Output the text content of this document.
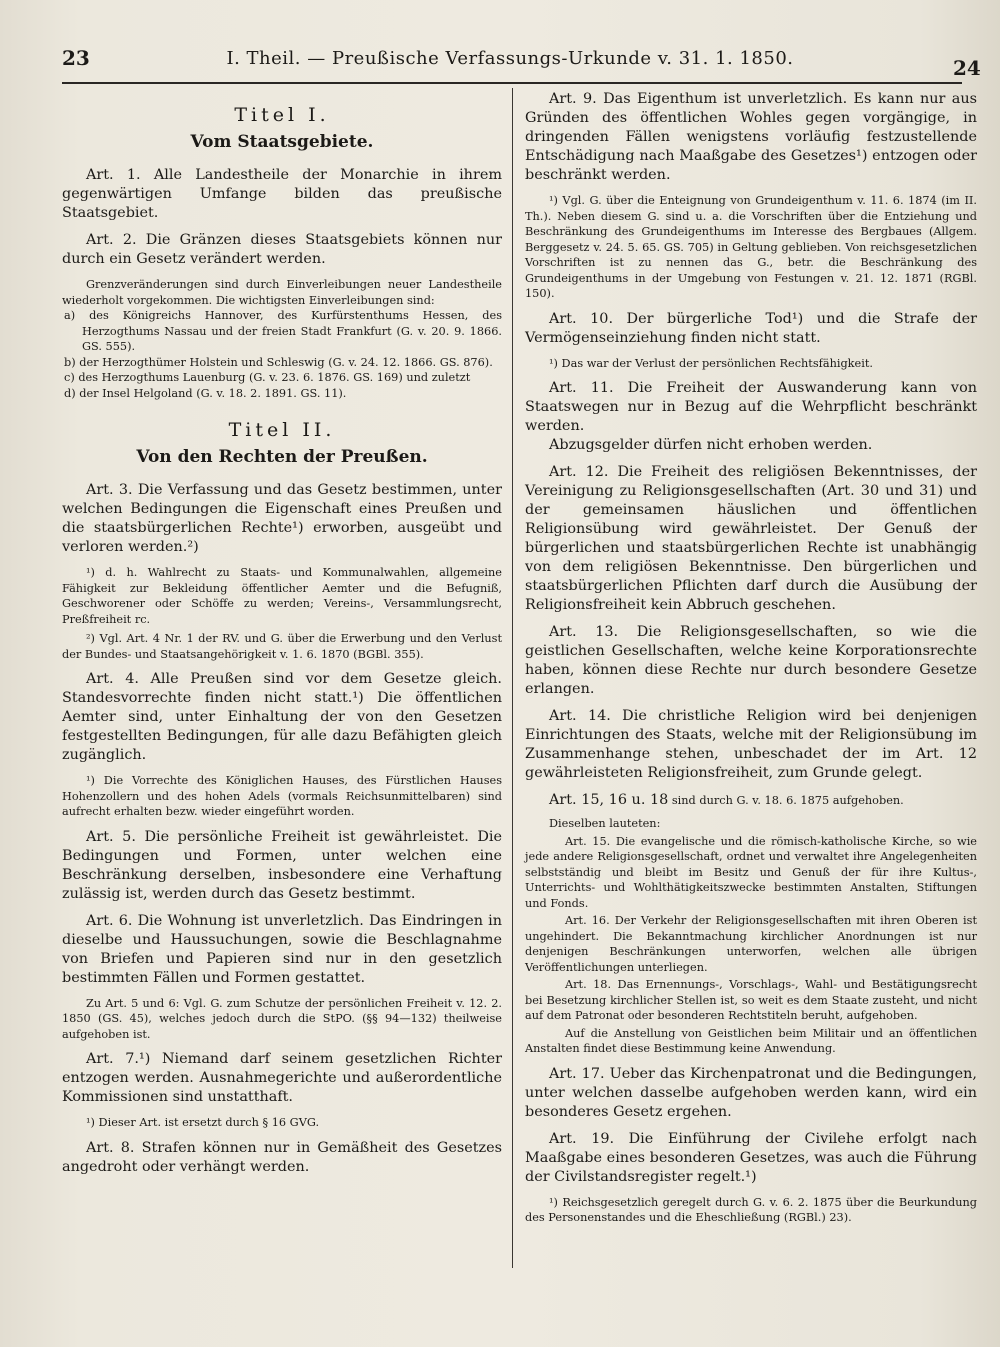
23	I. Theil. — Preußische Verfassungs-Urkunde v. 31. 1. 1850.	24
Titel I.
Vom Staatsgebiete.

Art. 1. Alle Landestheile der Monarchie in ihrem gegenwärtigen Umfange bilden das preußische Staatsgebiet.

Art. 2. Die Gränzen dieses Staatsgebiets können nur durch ein Gesetz verändert werden.

Grenzveränderungen sind durch Einverleibungen neuer Landestheile wiederholt vorgekommen. Die wichtigsten Einverleibungen sind:

a) des Königreichs Hannover, des Kurfürstenthums Hessen, des Herzogthums Nassau und der freien Stadt Frankfurt (G. v. 20. 9. 1866. GS. 555).

b) der Herzogthümer Holstein und Schleswig (G. v. 24. 12. 1866. GS. 876).

c) des Herzogthums Lauenburg (G. v. 23. 6. 1876. GS. 169) und zuletzt

d) der Insel Helgoland (G. v. 18. 2. 1891. GS. 11).

Titel II.
Von den Rechten der Preußen.

Art. 3. Die Verfassung und das Gesetz bestimmen, unter welchen Bedingungen die Eigenschaft eines Preußen und die staatsbürgerlichen Rechte¹) erworben, ausgeübt und verloren werden.²)

¹) d. h. Wahlrecht zu Staats- und Kommunalwahlen, allgemeine Fähigkeit zur Bekleidung öffentlicher Aemter und die Befugniß, Geschworener oder Schöffe zu werden; Vereins-, Versammlungsrecht, Preßfreiheit rc.

²) Vgl. Art. 4 Nr. 1 der RV. und G. über die Erwerbung und den Verlust der Bundes- und Staatsangehörigkeit v. 1. 6. 1870 (BGBl. 355).

Art. 4. Alle Preußen sind vor dem Gesetze gleich. Standesvorrechte finden nicht statt.¹) Die öffentlichen Aemter sind, unter Einhaltung der von den Gesetzen festgestellten Bedingungen, für alle dazu Befähigten gleich zugänglich.

¹) Die Vorrechte des Königlichen Hauses, des Fürstlichen Hauses Hohenzollern und des hohen Adels (vormals Reichsunmittelbaren) sind aufrecht erhalten bezw. wieder eingeführt worden.

Art. 5. Die persönliche Freiheit ist gewährleistet. Die Bedingungen und Formen, unter welchen eine Beschränkung derselben, insbesondere eine Verhaftung zulässig ist, werden durch das Gesetz bestimmt.

Art. 6. Die Wohnung ist unverletzlich. Das Eindringen in dieselbe und Haussuchungen, sowie die Beschlagnahme von Briefen und Papieren sind nur in den gesetzlich bestimmten Fällen und Formen gestattet.

Zu Art. 5 und 6: Vgl. G. zum Schutze der persönlichen Freiheit v. 12. 2. 1850 (GS. 45), welches jedoch durch die StPO. (§§ 94—132) theilweise aufgehoben ist.

Art. 7.¹) Niemand darf seinem gesetzlichen Richter entzogen werden. Ausnahmegerichte und außerordentliche Kommissionen sind unstatthaft.

¹) Dieser Art. ist ersetzt durch § 16 GVG.

Art. 8. Strafen können nur in Gemäßheit des Gesetzes angedroht oder verhängt werden.

Art. 9. Das Eigenthum ist unverletzlich. Es kann nur aus Gründen des öffentlichen Wohles gegen vorgängige, in dringenden Fällen wenigstens vorläufig festzustellende Entschädigung nach Maaßgabe des Gesetzes¹) entzogen oder beschränkt werden.

¹) Vgl. G. über die Enteignung von Grundeigenthum v. 11. 6. 1874 (im II. Th.). Neben diesem G. sind u. a. die Vorschriften über die Entziehung und Beschränkung des Grundeigenthums im Interesse des Bergbaues (Allgem. Berggesetz v. 24. 5. 65. GS. 705) in Geltung geblieben. Von reichsgesetzlichen Vorschriften ist zu nennen das G., betr. die Beschränkung des Grundeigenthums in der Umgebung von Festungen v. 21. 12. 1871 (RGBl. 150).

Art. 10. Der bürgerliche Tod¹) und die Strafe der Vermögenseinziehung finden nicht statt.

¹) Das war der Verlust der persönlichen Rechtsfähigkeit.

Art. 11. Die Freiheit der Auswanderung kann von Staatswegen nur in Bezug auf die Wehrpflicht beschränkt werden.

Abzugsgelder dürfen nicht erhoben werden.

Art. 12. Die Freiheit des religiösen Bekenntnisses, der Vereinigung zu Religionsgesellschaften (Art. 30 und 31) und der gemeinsamen häuslichen und öffentlichen Religionsübung wird gewährleistet. Der Genuß der bürgerlichen und staatsbürgerlichen Rechte ist unabhängig von dem religiösen Bekenntnisse. Den bürgerlichen und staatsbürgerlichen Pflichten darf durch die Ausübung der Religionsfreiheit kein Abbruch geschehen.

Art. 13. Die Religionsgesellschaften, so wie die geistlichen Gesellschaften, welche keine Korporationsrechte haben, können diese Rechte nur durch besondere Gesetze erlangen.

Art. 14. Die christliche Religion wird bei denjenigen Einrichtungen des Staats, welche mit der Religionsübung im Zusammenhange stehen, unbeschadet der im Art. 12 gewährleisteten Religionsfreiheit, zum Grunde gelegt.

Art. 15, 16 u. 18 sind durch G. v. 18. 6. 1875 aufgehoben.

Dieselben lauteten:

Art. 15. Die evangelische und die römisch-katholische Kirche, so wie jede andere Religionsgesellschaft, ordnet und verwaltet ihre Angelegenheiten selbstständig und bleibt im Besitz und Genuß der für ihre Kultus-, Unterrichts- und Wohlthätigkeitszwecke bestimmten Anstalten, Stiftungen und Fonds.

Art. 16. Der Verkehr der Religionsgesellschaften mit ihren Oberen ist ungehindert. Die Bekanntmachung kirchlicher Anordnungen ist nur denjenigen Beschränkungen unterworfen, welchen alle übrigen Veröffentlichungen unterliegen.

Art. 18. Das Ernennungs-, Vorschlags-, Wahl- und Bestätigungsrecht bei Besetzung kirchlicher Stellen ist, so weit es dem Staate zusteht, und nicht auf dem Patronat oder besonderen Rechtstiteln beruht, aufgehoben.

Auf die Anstellung von Geistlichen beim Militair und an öffentlichen Anstalten findet diese Bestimmung keine Anwendung.

Art. 17. Ueber das Kirchenpatronat und die Bedingungen, unter welchen dasselbe aufgehoben werden kann, wird ein besonderes Gesetz ergehen.

Art. 19. Die Einführung der Civilehe erfolgt nach Maaßgabe eines besonderen Gesetzes, was auch die Führung der Civilstandsregister regelt.¹)

¹) Reichsgesetzlich geregelt durch G. v. 6. 2. 1875 über die Beurkundung des Personenstandes und die Eheschließung (RGBl.) 23).
